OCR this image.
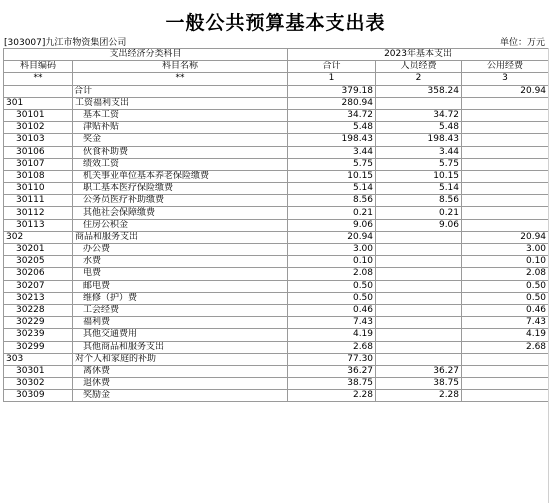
一般公共预算基本支出表
[303007]九江市物资集团公司	单位：万元
支出经济分类科目		2023年基本支出		
科目编码	科目名称	合计	人员经费	公用经费
**	**	1	2	3
	合计	379.18	358.24	20.94
301	工资福利支出	280.94		
30101	基本工资	34.72	34.72	
30102	津贴补贴	5.48	5.48	
30103	奖金	198.43	198.43	
30106	伙食补助费	3.44	3.44	
30107	绩效工资	5.75	5.75	
30108	机关事业单位基本养老保险缴费	10.15	10.15	
30110	职工基本医疗保险缴费	5.14	5.14	
30111	公务员医疗补助缴费	8.56	8.56	
30112	其他社会保障缴费	0.21	0.21	
30113	住房公积金	9.06	9.06	
302	商品和服务支出	20.94		20.94
30201	办公费	3.00		3.00
30205	水费	0.10		0.10
30206	电费	2.08		2.08
30207	邮电费	0.50		0.50
30213	维修（护）费	0.50		0.50
30228	工会经费	0.46		0.46
30229	福利费	7.43		7.43
30239	其他交通费用	4.19		4.19
30299	其他商品和服务支出	2.68		2.68
303	对个人和家庭的补助	77.30		
30301	离休费	36.27	36.27	
30302	退休费	38.75	38.75	
30309	奖励金	2.28	2.28	
